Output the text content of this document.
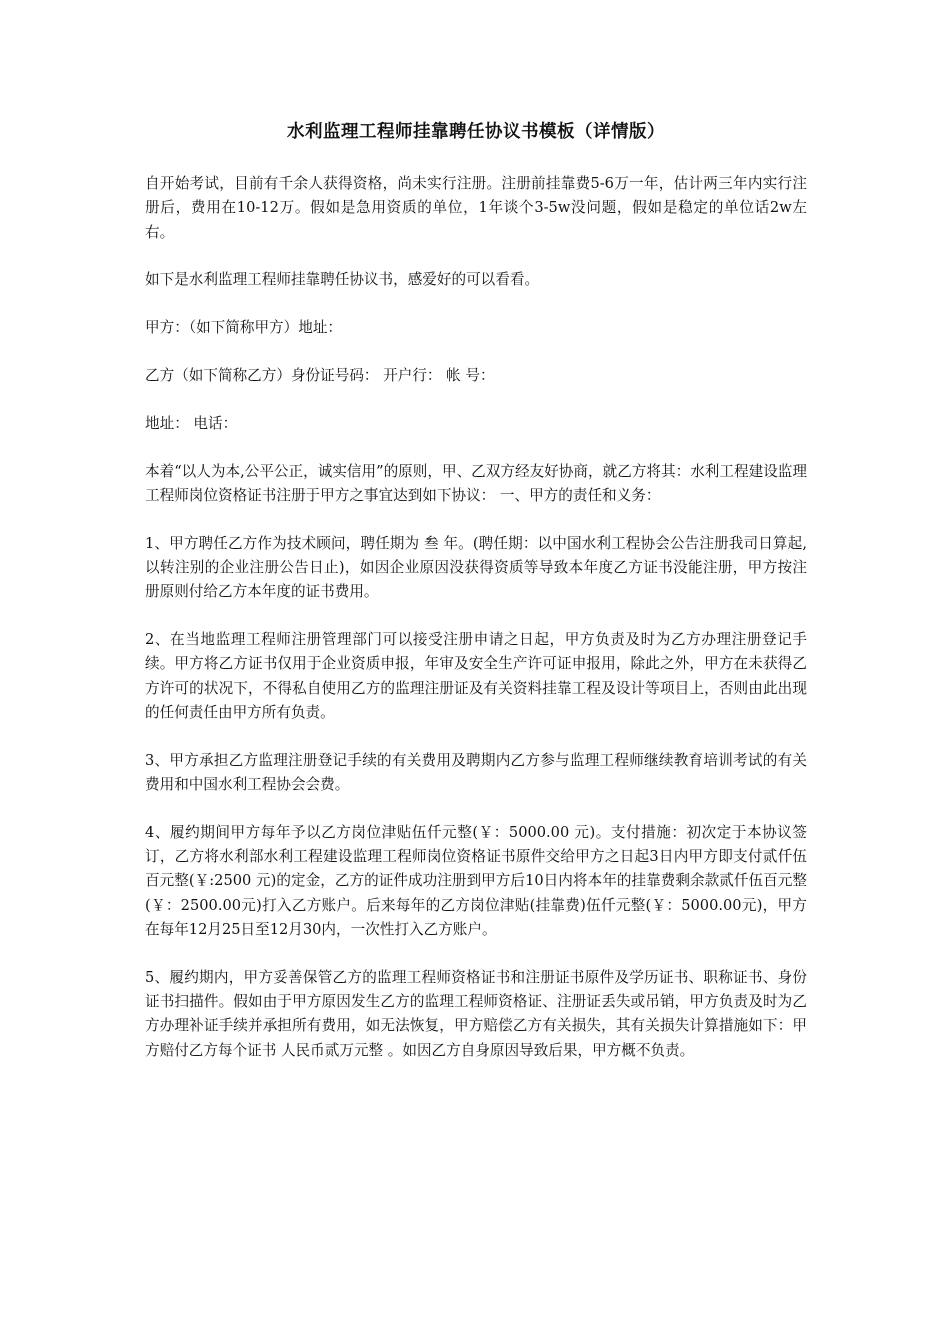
水利监理工程师挂靠聘任协议书模板（详情版）

自开始考试，目前有千余人获得资格，尚未实行注册。注册前挂靠费5-6万一年，估计两三年内实行注册后，费用在10-12万。假如是急用资质的单位，1年谈个3-5w没问题，假如是稳定的单位话2w左右。

如下是水利监理工程师挂靠聘任协议书，感爱好的可以看看。

甲方：（如下简称甲方）地址：

乙方（如下简称乙方）身份证号码： 开户行： 帐 号：

地址： 电话：

本着“以人为本,公平公正，诚实信用”的原则，甲、乙双方经友好协商，就乙方将其：水利工程建设监理工程师岗位资格证书注册于甲方之事宜达到如下协议： 一、甲方的责任和义务：

1、甲方聘任乙方作为技术顾问，聘任期为 叁 年。(聘任期：以中国水利工程协会公告注册我司日算起,以转注别的企业注册公告日止)，如因企业原因没获得资质等导致本年度乙方证书没能注册，甲方按注册原则付给乙方本年度的证书费用。

2、在当地监理工程师注册管理部门可以接受注册申请之日起，甲方负责及时为乙方办理注册登记手续。甲方将乙方证书仅用于企业资质申报，年审及安全生产许可证申报用，除此之外，甲方在未获得乙方许可的状况下，不得私自使用乙方的监理注册证及有关资料挂靠工程及设计等项目上，否则由此出现的任何责任由甲方所有负责。

3、甲方承担乙方监理注册登记手续的有关费用及聘期内乙方参与监理工程师继续教育培训考试的有关费用和中国水利工程协会会费。

4、履约期间甲方每年予以乙方岗位津贴伍仟元整(￥：5000.00 元)。支付措施：初次定于本协议签订，乙方将水利部水利工程建设监理工程师岗位资格证书原件交给甲方之日起3日内甲方即支付贰仟伍百元整(￥:2500 元)的定金，乙方的证件成功注册到甲方后10日内将本年的挂靠费剩余款贰仟伍百元整(￥：2500.00元)打入乙方账户。后来每年的乙方岗位津贴(挂靠费)伍仟元整(￥：5000.00元)，甲方在每年12月25日至12月30内，一次性打入乙方账户。

5、履约期内，甲方妥善保管乙方的监理工程师资格证书和注册证书原件及学历证书、职称证书、身份证书扫描件。假如由于甲方原因发生乙方的监理工程师资格证、注册证丢失或吊销，甲方负责及时为乙方办理补证手续并承担所有费用，如无法恢复，甲方赔偿乙方有关损失，其有关损失计算措施如下：甲方赔付乙方每个证书 人民币贰万元整 。如因乙方自身原因导致后果，甲方概不负责。
